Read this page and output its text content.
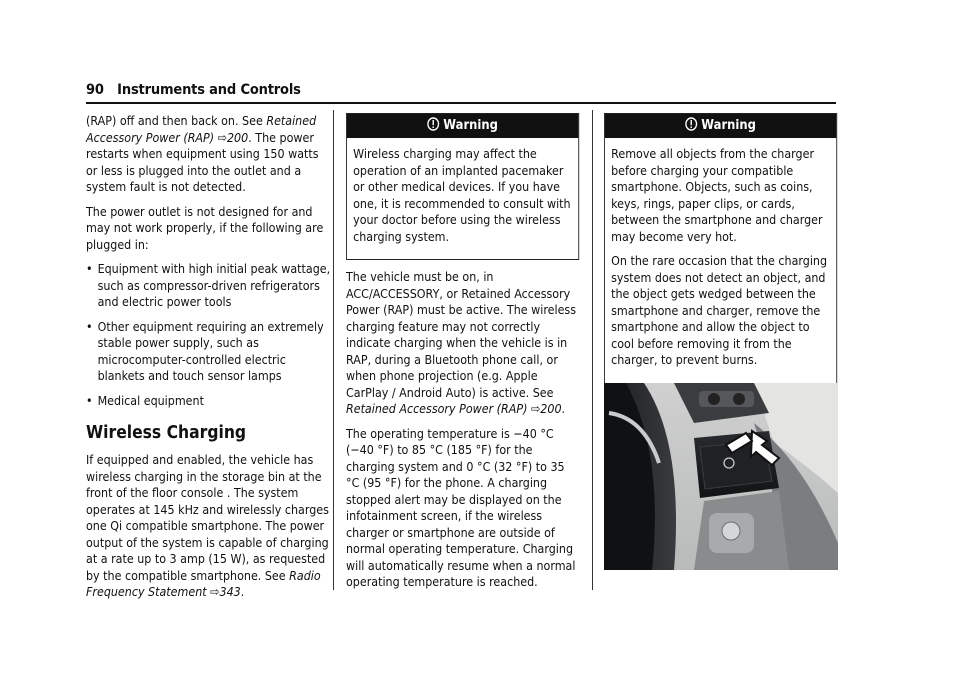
90 Instruments and Controls

(RAP) off and then back on. See Retained Accessory Power (RAP) ⇨200. The power restarts when equipment using 150 watts or less is plugged into the outlet and a system fault is not detected.

The power outlet is not designed for and may not work properly, if the following are plugged in:

• Equipment with high initial peak wattage, such as compressor-driven refrigerators and electric power tools
• Other equipment requiring an extremely stable power supply, such as microcomputer-controlled electric blankets and touch sensor lamps
• Medical equipment
Wireless Charging

If equipped and enabled, the vehicle has wireless charging in the storage bin at the front of the floor console . The system operates at 145 kHz and wirelessly charges one Qi compatible smartphone. The power output of the system is capable of charging at a rate up to 3 amp (15 W), as requested by the compatible smartphone. See Radio Frequency Statement ⇨343.

Warning

Wireless charging may affect the operation of an implanted pacemaker or other medical devices. If you have one, it is recommended to consult with your doctor before using the wireless charging system.

The vehicle must be on, in ACC/ACCESSORY, or Retained Accessory Power (RAP) must be active. The wireless charging feature may not correctly indicate charging when the vehicle is in RAP, during a Bluetooth phone call, or when phone projection (e.g. Apple CarPlay / Android Auto) is active. See Retained Accessory Power (RAP) ⇨200.

The operating temperature is −40 °C (−40 °F) to 85 °C (185 °F) for the charging system and 0 °C (32 °F) to 35 °C (95 °F) for the phone. A charging stopped alert may be displayed on the infotainment screen, if the wireless charger or smartphone are outside of normal operating temperature. Charging will automatically resume when a normal operating temperature is reached.

Warning

Remove all objects from the charger before charging your compatible smartphone. Objects, such as coins, keys, rings, paper clips, or cards, between the smartphone and charger may become very hot.

On the rare occasion that the charging system does not detect an object, and the object gets wedged between the smartphone and charger, remove the smartphone and allow the object to cool before removing it from the charger, to prevent burns.
